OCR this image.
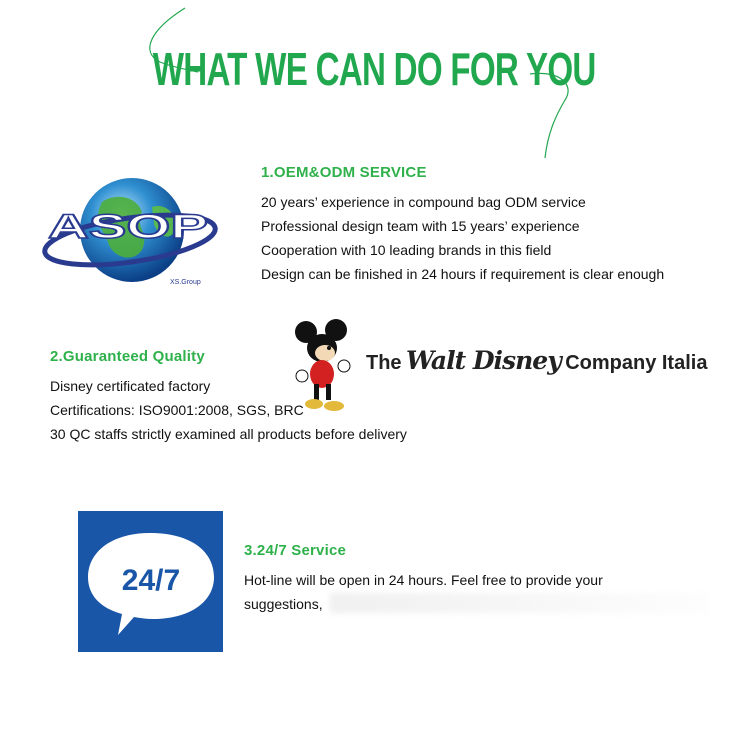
WHAT WE CAN DO FOR YOU
ASOP
XS.Group
1.OEM&ODM SERVICE
20 years’ experience in compound bag ODM service
Professional design team with 15 years’ experience
Cooperation with 10 leading brands in this field
Design can be finished in 24 hours if requirement is clear enough
2.Guaranteed Quality
Disney certificated factory
Certifications: ISO9001:2008, SGS, BRC
30 QC staffs strictly examined all products before delivery
The Walt Disney Company Italia
24/7
3.24/7 Service
Hot-line will be open in 24 hours. Feel free to provide your
suggestions,
